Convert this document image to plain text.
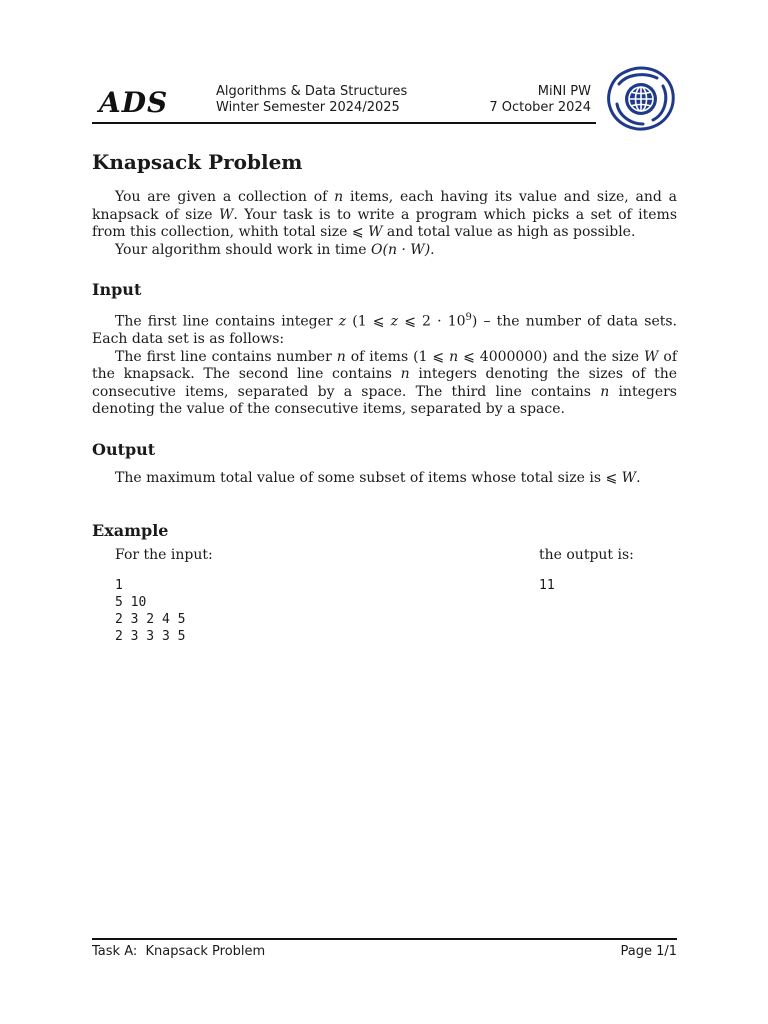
ADS	Algorithms & Data Structures
Winter Semester 2024/2025
MiNI PW
7 October 2024
Knapsack Problem

You are given a collection of n items, each having its value and size, and a knapsack of size W. Your task is to write a program which picks a set of items from this collection, whith total size ⩽ W and total value as high as possible.

Your algorithm should work in time O(n · W).

Input

The first line contains integer z (1 ⩽ z ⩽ $2 \cdot 10^9$) – the number of data sets. Each data set is as follows:

The first line contains number n of items (1 ⩽ n ⩽ 4000000) and the size W of the knapsack. The second line contains n integers denoting the sizes of the consecutive items, separated by a space. The third line contains n integers denoting the value of the consecutive items, separated by a space.

Output

The maximum total value of some subset of items whose total size is ⩽ W.

Example
For the input:
1
5 10
2 3 2 4 5
2 3 3 3 5
the output is:
11
Task A:  Knapsack Problem	Page 1/1
